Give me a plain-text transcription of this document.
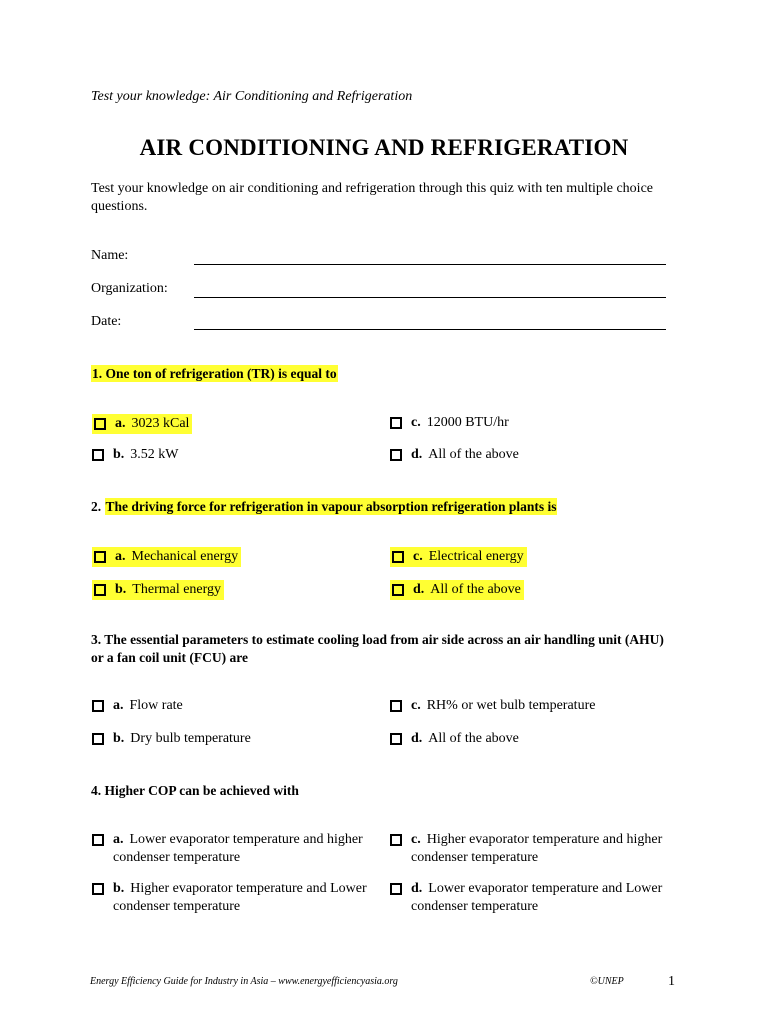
Test your knowledge: Air Conditioning and Refrigeration
AIR CONDITIONING AND REFRIGERATION
Test your knowledge on air conditioning and refrigeration through this quiz with ten multiple choice questions.
Name:
Organization:
Date:
1. One ton of refrigeration (TR) is equal to
a. 3023 kCal
b. 3.52 kW
c. 12000 BTU/hr
d. All of the above
2. The driving force for refrigeration in vapour absorption refrigeration plants is
a. Mechanical energy
b. Thermal energy
c. Electrical energy
d. All of the above
3. The essential parameters to estimate cooling load from air side across an air handling unit (AHU) or a fan coil unit (FCU) are
a. Flow rate
b. Dry bulb temperature
c. RH% or wet bulb temperature
d. All of the above
4. Higher COP can be achieved with
a. Lower evaporator temperature and higher condenser temperature
b. Higher evaporator temperature and Lower condenser temperature
c. Higher evaporator temperature and higher condenser temperature
d. Lower evaporator temperature and Lower condenser temperature
Energy Efficiency Guide for Industry in Asia – www.energyefficiencyasia.org	©UNEP	1
